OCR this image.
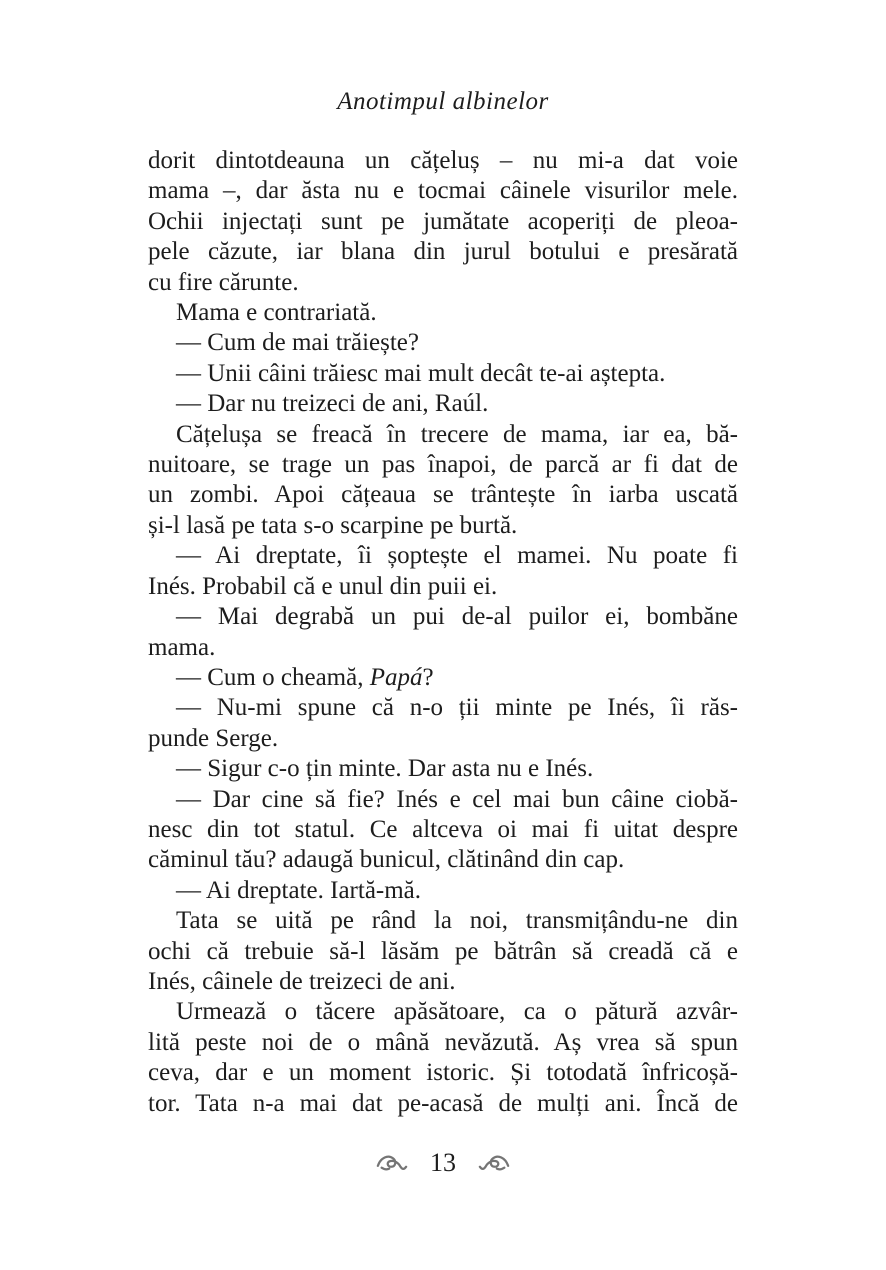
Anotimpul albinelor
dorit dintotdeauna un cățeluș – nu mi-a dat voie
mama –, dar ăsta nu e tocmai câinele visurilor mele.
Ochii injectați sunt pe jumătate acoperiți de pleoa-
pele căzute, iar blana din jurul botului e presărată
cu fire cărunte.
Mama e contrariată.
— Cum de mai trăiește?
— Unii câini trăiesc mai mult decât te-ai aștepta.
— Dar nu treizeci de ani, Raúl.
Cățelușa se freacă în trecere de mama, iar ea, bă-
nuitoare, se trage un pas înapoi, de parcă ar fi dat de
un zombi. Apoi cățeaua se trântește în iarba uscată
și-l lasă pe tata s-o scarpine pe burtă.
— Ai dreptate, îi șoptește el mamei. Nu poate fi
Inés. Probabil că e unul din puii ei.
— Mai degrabă un pui de-al puilor ei, bombăne
mama.
— Cum o cheamă, Papá?
— Nu-mi spune că n-o ții minte pe Inés, îi răs-
punde Serge.
— Sigur c-o țin minte. Dar asta nu e Inés.
— Dar cine să fie? Inés e cel mai bun câine ciobă-
nesc din tot statul. Ce altceva oi mai fi uitat despre
căminul tău? adaugă bunicul, clătinând din cap.
— Ai dreptate. Iartă-mă.
Tata se uită pe rând la noi, transmițându-ne din
ochi că trebuie să-l lăsăm pe bătrân să creadă că e
Inés, câinele de treizeci de ani.
Urmează o tăcere apăsătoare, ca o pătură azvâr-
lită peste noi de o mână nevăzută. Aș vrea să spun
ceva, dar e un moment istoric. Și totodată înfricoșă-
tor. Tata n-a mai dat pe-acasă de mulți ani. Încă de
13
